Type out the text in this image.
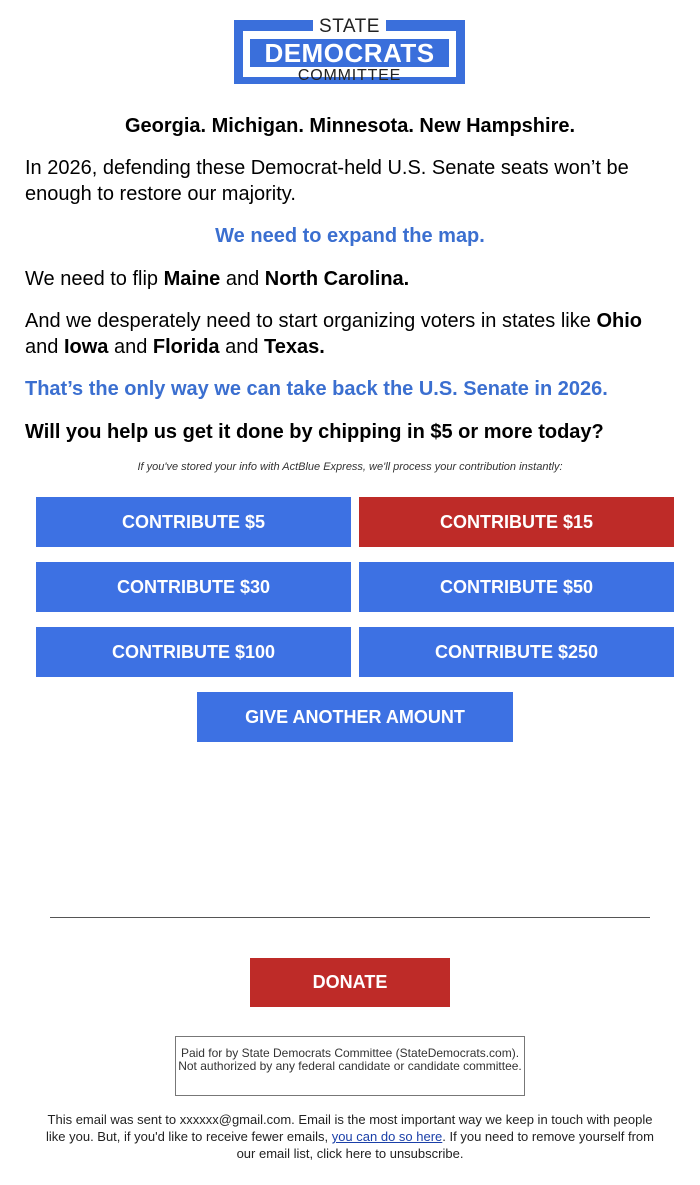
STATE
DEMOCRATS
COMMITTEE

Georgia. Michigan. Minnesota. New Hampshire.

In 2026, defending these Democrat-held U.S. Senate seats won’t be enough to restore our majority.

We need to expand the map.

We need to flip Maine and North Carolina.

And we desperately need to start organizing voters in states like Ohio and Iowa and Florida and Texas.

That’s the only way we can take back the U.S. Senate in 2026.

Will you help us get it done by chipping in $5 or more today?

If you've stored your info with ActBlue Express, we'll process your contribution instantly:
CONTRIBUTE $5	CONTRIBUTE $15
CONTRIBUTE $30	CONTRIBUTE $50
CONTRIBUTE $100	CONTRIBUTE $250
GIVE ANOTHER AMOUNT
DONATE
Paid for by State Democrats Committee (StateDemocrats.com). Not authorized by any federal candidate or candidate committee.
This email was sent to xxxxxx@gmail.com. Email is the most important way we keep in touch with people like you. But, if you'd like to receive fewer emails, you can do so here. If you need to remove yourself from our email list, click here to unsubscribe.
